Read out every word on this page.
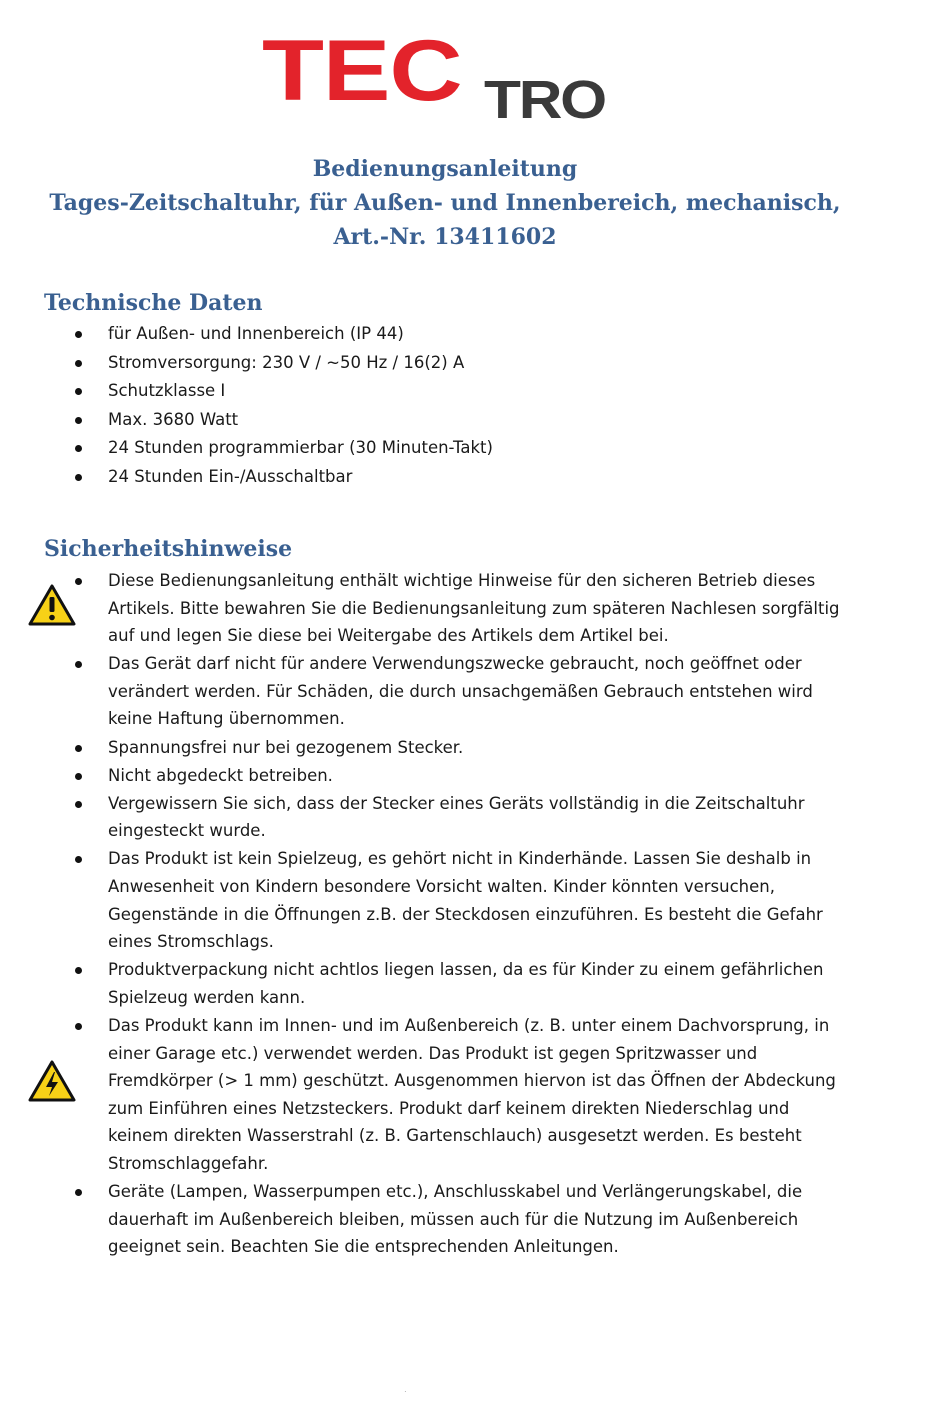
TEC TRO
Bedienungsanleitung
Tages-Zeitschaltuhr, für Außen- und Innenbereich, mechanisch,
Art.-Nr. 13411602
Technische Daten
für Außen- und Innenbereich (IP 44)
Stromversorgung: 230 V / ~50 Hz / 16(2) A
Schutzklasse I
Max. 3680 Watt
24 Stunden programmierbar (30 Minuten-Takt)
24 Stunden Ein-/Ausschaltbar
Sicherheitshinweise
Diese Bedienungsanleitung enthält wichtige Hinweise für den sicheren Betrieb dieses Artikels. Bitte bewahren Sie die Bedienungsanleitung zum späteren Nachlesen sorgfältig auf und legen Sie diese bei Weitergabe des Artikels dem Artikel bei.
Das Gerät darf nicht für andere Verwendungszwecke gebraucht, noch geöffnet oder verändert werden. Für Schäden, die durch unsachgemäßen Gebrauch entstehen wird keine Haftung übernommen.
Spannungsfrei nur bei gezogenem Stecker.
Nicht abgedeckt betreiben.
Vergewissern Sie sich, dass der Stecker eines Geräts vollständig in die Zeitschaltuhr eingesteckt wurde.
Das Produkt ist kein Spielzeug, es gehört nicht in Kinderhände. Lassen Sie deshalb in Anwesenheit von Kindern besondere Vorsicht walten. Kinder könnten versuchen, Gegenstände in die Öffnungen z.B. der Steckdosen einzuführen. Es besteht die Gefahr eines Stromschlags.
Produktverpackung nicht achtlos liegen lassen, da es für Kinder zu einem gefährlichen Spielzeug werden kann.
Das Produkt kann im Innen- und im Außenbereich (z. B. unter einem Dachvorsprung, in einer Garage etc.) verwendet werden. Das Produkt ist gegen Spritzwasser und Fremdkörper (> 1 mm) geschützt. Ausgenommen hiervon ist das Öffnen der Abdeckung zum Einführen eines Netzsteckers. Produkt darf keinem direkten Niederschlag und keinem direkten Wasserstrahl (z. B. Gartenschlauch) ausgesetzt werden. Es besteht Stromschlaggefahr.
Geräte (Lampen, Wasserpumpen etc.), Anschlusskabel und Verlängerungskabel, die dauerhaft im Außenbereich bleiben, müssen auch für die Nutzung im Außenbereich geeignet sein. Beachten Sie die entsprechenden Anleitungen.
·
